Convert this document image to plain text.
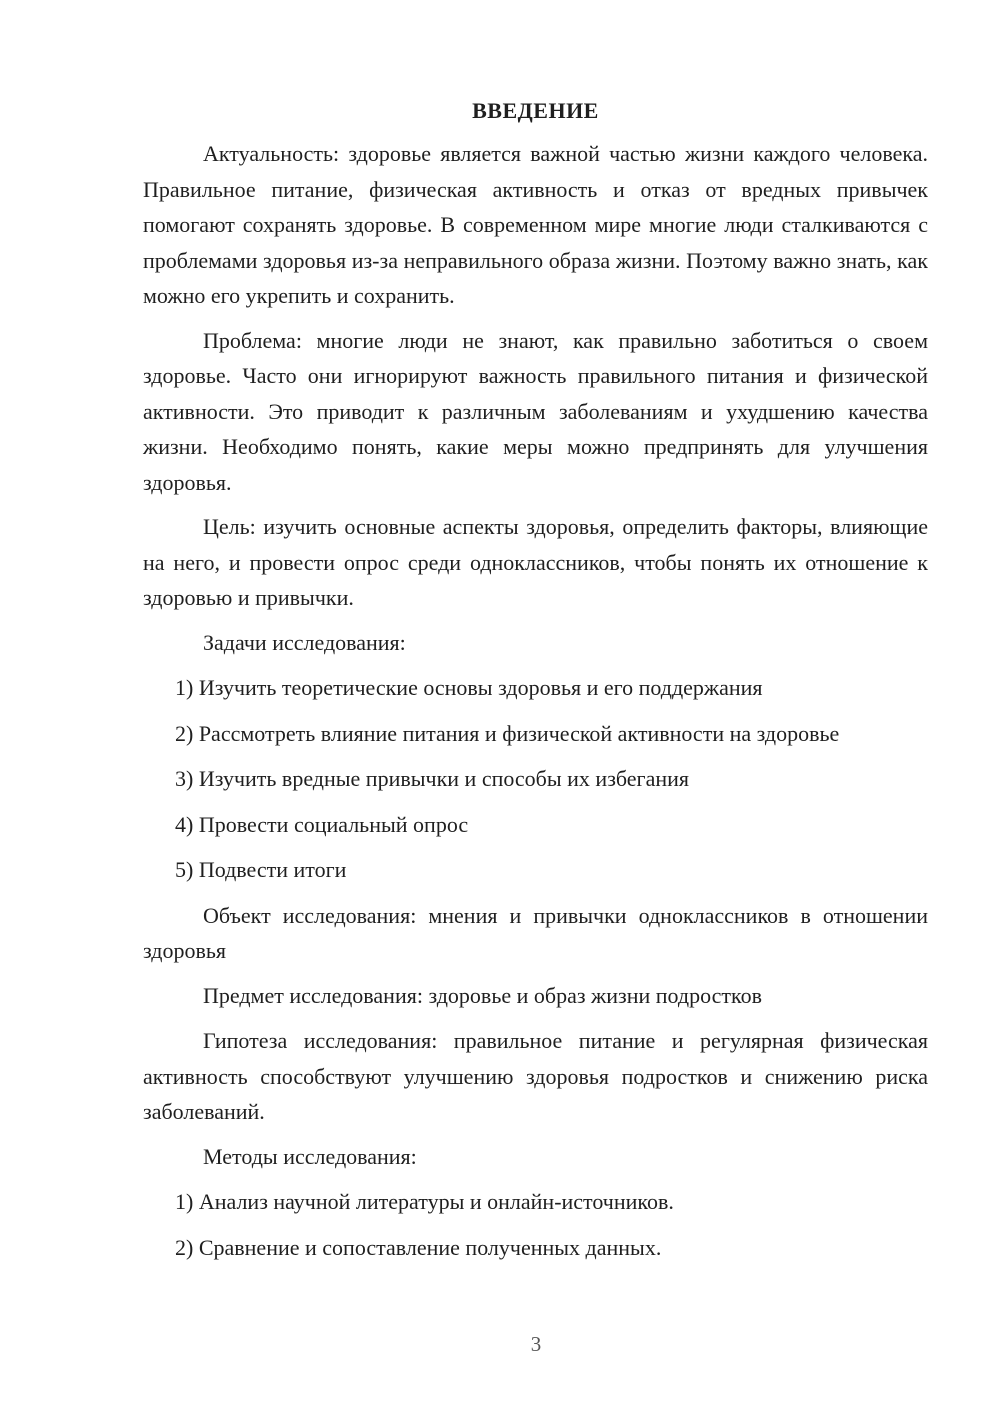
ВВЕДЕНИЕ

Актуальность: здоровье является важной частью жизни каждого человека. Правильное питание, физическая активность и отказ от вредных привычек помогают сохранять здоровье. В современном мире многие люди сталкиваются с проблемами здоровья из-за неправильного образа жизни. Поэтому важно знать, как можно его укрепить и сохранить.

Проблема: многие люди не знают, как правильно заботиться о своем здоровье. Часто они игнорируют важность правильного питания и физической активности. Это приводит к различным заболеваниям и ухудшению качества жизни. Необходимо понять, какие меры можно предпринять для улучшения здоровья.

Цель: изучить основные аспекты здоровья, определить факторы, влияющие на него, и провести опрос среди одноклассников, чтобы понять их отношение к здоровью и привычки.

Задачи исследования:

1) Изучить теоретические основы здоровья и его поддержания
2) Рассмотреть влияние питания и физической активности на здоровье
3) Изучить вредные привычки и способы их избегания
4) Провести социальный опрос
5) Подвести итоги

Объект исследования: мнения и привычки одноклассников в отношении здоровья

Предмет исследования: здоровье и образ жизни подростков

Гипотеза исследования: правильное питание и регулярная физическая активность способствуют улучшению здоровья подростков и снижению риска заболеваний.

Методы исследования:

1) Анализ научной литературы и онлайн-источников.
2) Сравнение и сопоставление полученных данных.
3
